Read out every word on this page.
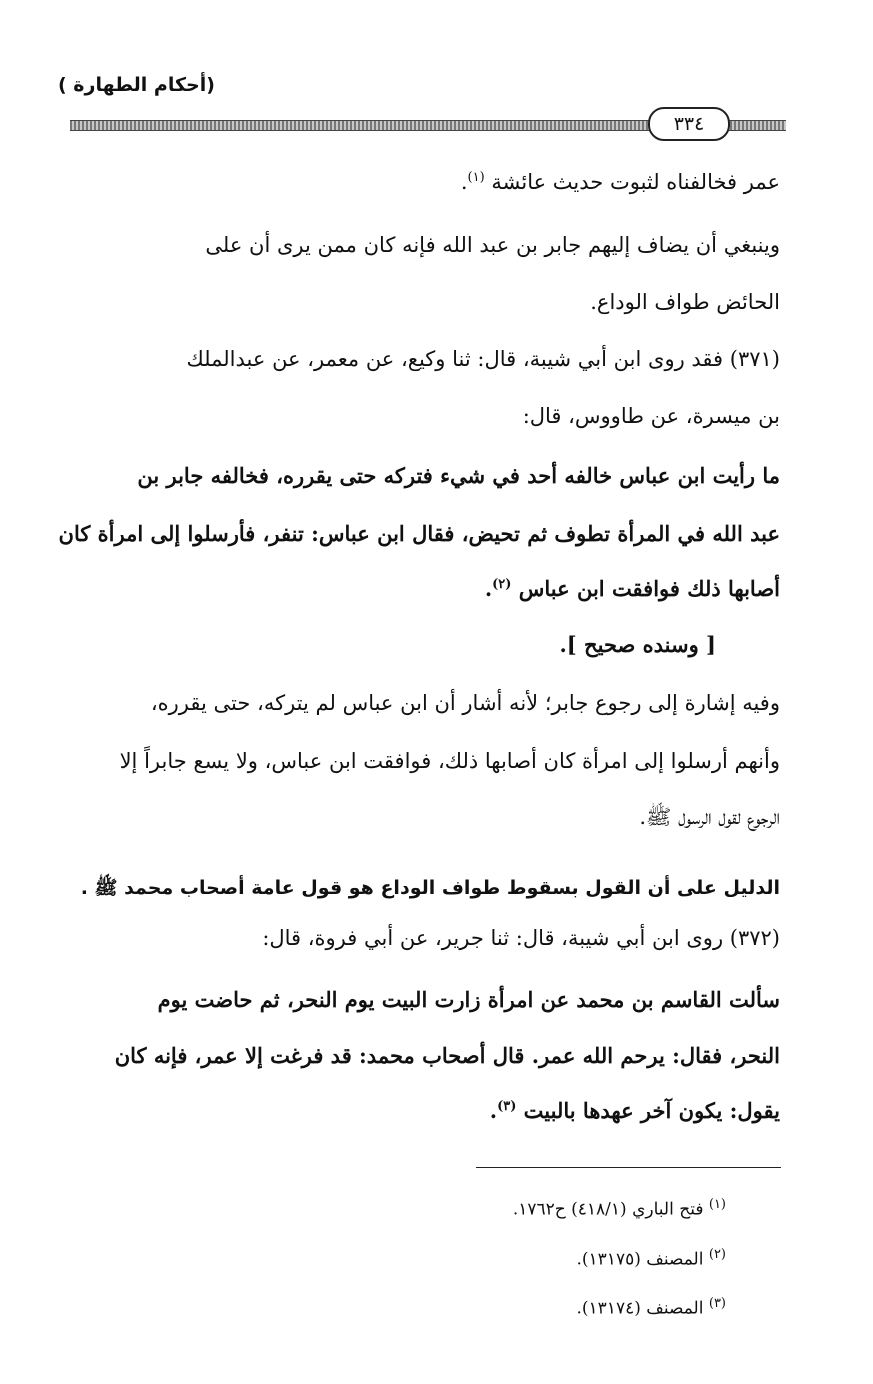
(أحكام الطهارة )
٣٣٤
عمر فخالفناه لثبوت حديث عائشة $^{(١)}$.
وينبغي أن يضاف إليهم جابر بن عبد الله فإنه كان ممن يرى أن على
الحائض طواف الوداع.
(٣٧١) فقد روى ابن أبي شيبة، قال: ثنا وكيع، عن معمر، عن عبدالملك
بن ميسرة، عن طاووس، قال:
ما رأيت ابن عباس خالفه أحد في شيء فتركه حتى يقرره، فخالفه جابر بن
عبد الله في المرأة تطوف ثم تحيض، فقال ابن عباس: تنفر، فأرسلوا إلى امرأة كان
أصابها ذلك فوافقت ابن عباس $^{(٢)}$.
[ وسنده صحيح ].
وفيه إشارة إلى رجوع جابر؛ لأنه أشار أن ابن عباس لم يتركه، حتى يقرره،
وأنهم أرسلوا إلى امرأة كان أصابها ذلك، فوافقت ابن عباس، ولا يسع جابراً إلا
الرجوع لقول الرسول ﷺ.
الدليل على أن القول بسقوط طواف الوداع هو قول عامة أصحاب محمد ﷺ .
(٣٧٢) روى ابن أبي شيبة، قال: ثنا جرير، عن أبي فروة، قال:
سألت القاسم بن محمد عن امرأة زارت البيت يوم النحر، ثم حاضت يوم
النحر، فقال: يرحم الله عمر. قال أصحاب محمد: قد فرغت إلا عمر، فإنه كان
يقول: يكون آخر عهدها بالبيت $^{(٣)}$.
$^{(١)}$ فتح الباري (٤١٨/١) ح١٧٦٢.
$^{(٢)}$ المصنف (١٣١٧٥).
$^{(٣)}$ المصنف (١٣١٧٤).
